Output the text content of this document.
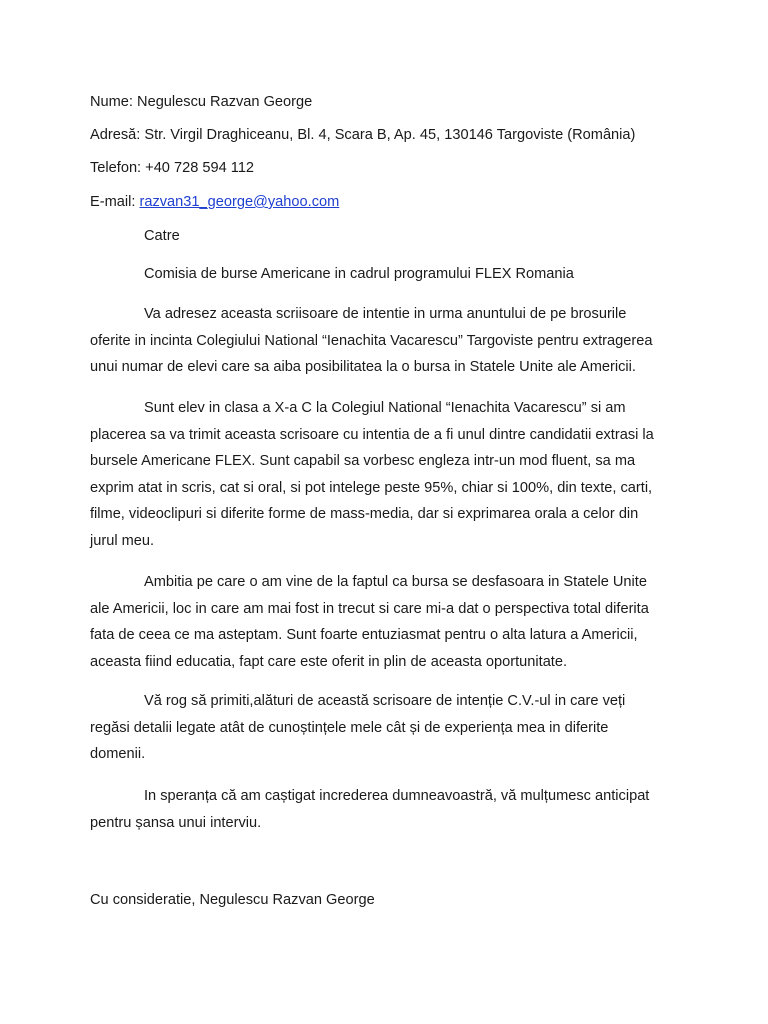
Nume: Negulescu Razvan George
Adresă: Str. Virgil Draghiceanu, Bl. 4, Scara B, Ap. 45, 130146 Targoviste (România)
Telefon: +40 728 594 112
E-mail: razvan31_george@yahoo.com
Catre
Comisia de burse Americane in cadrul programului FLEX Romania
Va adresez aceasta scriisoare de intentie in urma anuntului de pe brosurile
oferite in incinta Colegiului National “Ienachita Vacarescu” Targoviste pentru extragerea
unui numar de elevi care sa aiba posibilitatea la o bursa in Statele Unite ale Americii.
Sunt elev in clasa a X-a C la Colegiul National “Ienachita Vacarescu” si am
placerea sa va trimit aceasta scrisoare cu intentia de a fi unul dintre candidatii extrasi la
bursele Americane FLEX. Sunt capabil sa vorbesc engleza intr-un mod fluent, sa ma
exprim atat in scris, cat si oral, si pot intelege peste 95%, chiar si 100%, din texte, carti,
filme, videoclipuri si diferite forme de mass-media, dar si exprimarea orala a celor din
jurul meu.
Ambitia pe care o am vine de la faptul ca bursa se desfasoara in Statele Unite
ale Americii, loc in care am mai fost in trecut si care mi-a dat o perspectiva total diferita
fata de ceea ce ma asteptam. Sunt foarte entuziasmat pentru o alta latura a Americii,
aceasta fiind educatia, fapt care este oferit in plin de aceasta oportunitate.
Vă rog să primiti,alături de această scrisoare de intenție C.V.-ul in care veți
regăsi detalii legate atât de cunoștințele mele cât și de experiența mea in diferite
domenii.
In speranța că am caștigat increderea dumneavoastră, vă mulțumesc anticipat
pentru șansa unui interviu.
Cu consideratie, Negulescu Razvan George
